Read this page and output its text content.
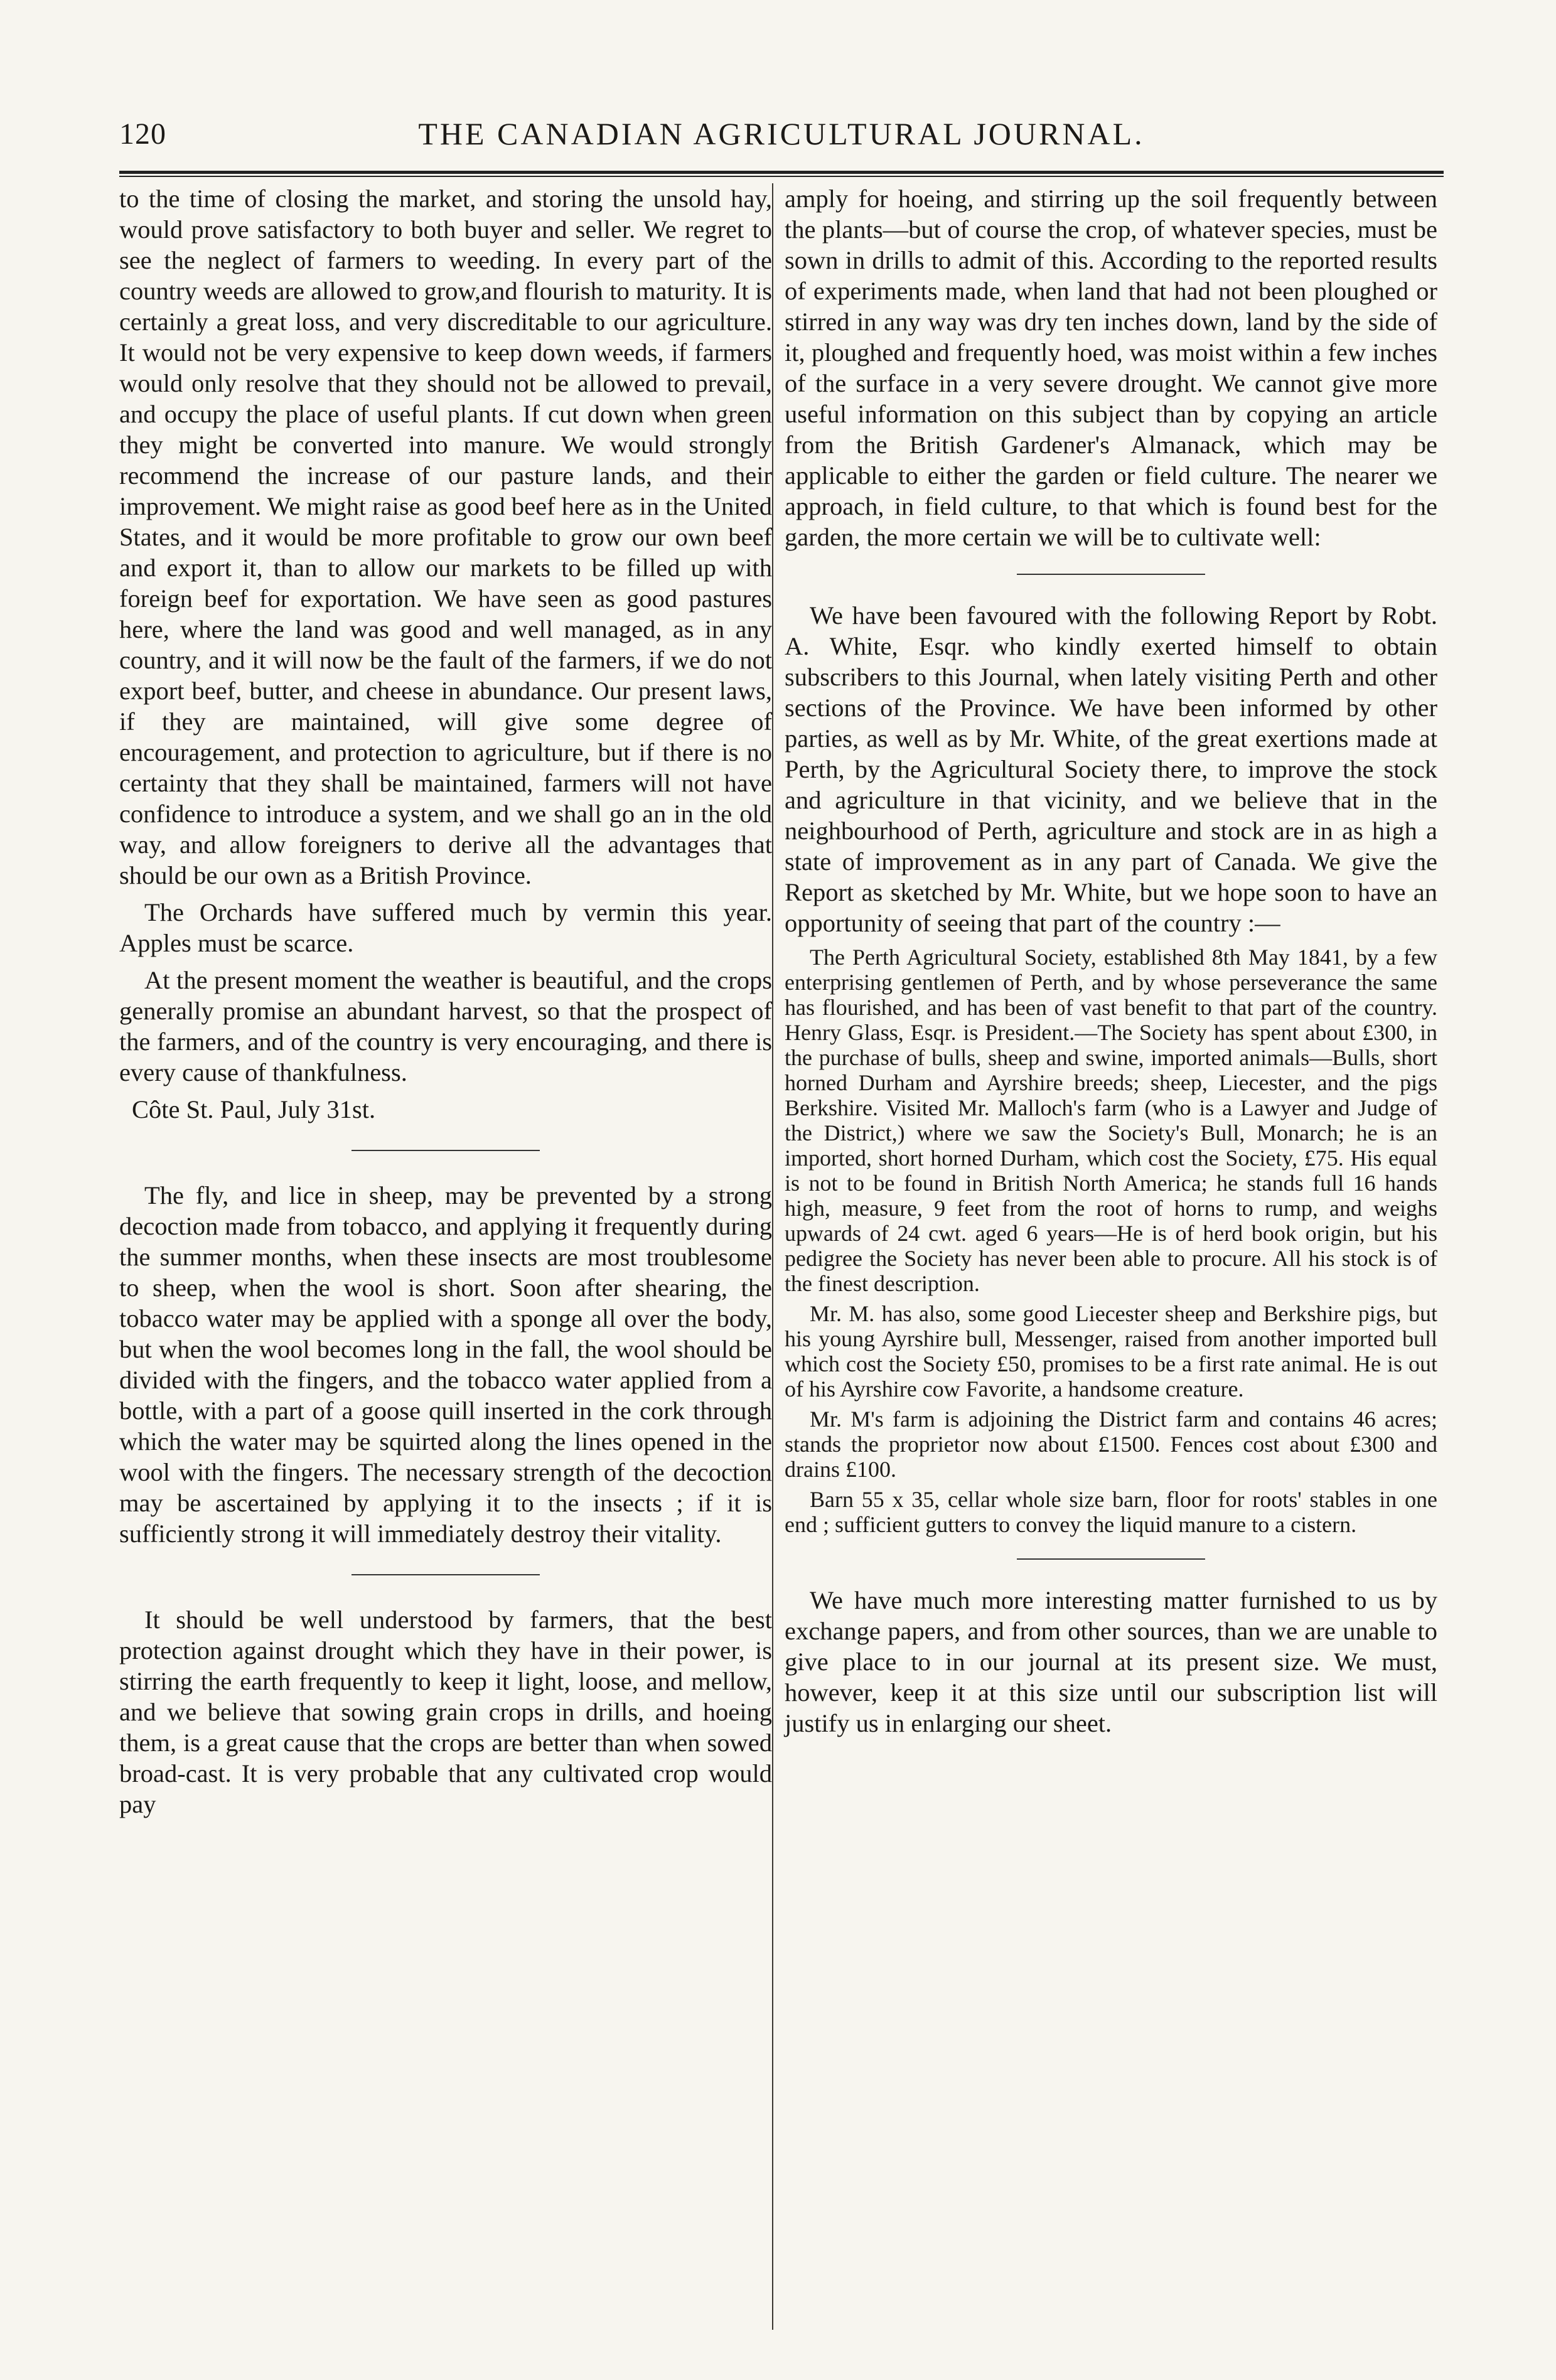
120	THE CANADIAN AGRICULTURAL JOURNAL.

to the time of closing the market, and storing the unsold hay, would prove satisfactory to both buyer and seller. We regret to see the neglect of farmers to weeding. In every part of the country weeds are allowed to grow,and flourish to maturity. It is certainly a great loss, and very discreditable to our agriculture. It would not be very expensive to keep down weeds, if farmers would only resolve that they should not be allowed to prevail, and occupy the place of useful plants. If cut down when green they might be converted into manure. We would strongly recommend the increase of our pasture lands, and their improvement. We might raise as good beef here as in the United States, and it would be more profitable to grow our own beef and export it, than to allow our markets to be filled up with foreign beef for exportation. We have seen as good pastures here, where the land was good and well managed, as in any country, and it will now be the fault of the farmers, if we do not export beef, butter, and cheese in abundance. Our present laws, if they are maintained, will give some degree of encouragement, and protection to agriculture, but if there is no certainty that they shall be maintained, farmers will not have confidence to introduce a system, and we shall go an in the old way, and allow foreigners to derive all the advantages that should be our own as a British Province.

The Orchards have suffered much by vermin this year. Apples must be scarce.

At the present moment the weather is beautiful, and the crops generally promise an abundant harvest, so that the prospect of the farmers, and of the country is very encouraging, and there is every cause of thankfulness.

Côte St. Paul, July 31st.

The fly, and lice in sheep, may be prevented by a strong decoction made from tobacco, and applying it frequently during the summer months, when these insects are most troublesome to sheep, when the wool is short. Soon after shearing, the tobacco water may be applied with a sponge all over the body, but when the wool becomes long in the fall, the wool should be divided with the fingers, and the tobacco water applied from a bottle, with a part of a goose quill inserted in the cork through which the water may be squirted along the lines opened in the wool with the fingers. The necessary strength of the decoction may be ascertained by applying it to the insects ; if it is sufficiently strong it will immediately destroy their vitality.

It should be well understood by farmers, that the best protection against drought which they have in their power, is stirring the earth frequently to keep it light, loose, and mellow, and we believe that sowing grain crops in drills, and hoeing them, is a great cause that the crops are better than when sowed broad-cast. It is very probable that any cultivated crop would pay

amply for hoeing, and stirring up the soil frequently between the plants—but of course the crop, of whatever species, must be sown in drills to admit of this. According to the reported results of experiments made, when land that had not been ploughed or stirred in any way was dry ten inches down, land by the side of it, ploughed and frequently hoed, was moist within a few inches of the surface in a very severe drought. We cannot give more useful information on this subject than by copying an article from the British Gardener's Almanack, which may be applicable to either the garden or field culture. The nearer we approach, in field culture, to that which is found best for the garden, the more certain we will be to cultivate well:

We have been favoured with the following Report by Robt. A. White, Esqr. who kindly exerted himself to obtain subscribers to this Journal, when lately visiting Perth and other sections of the Province. We have been informed by other parties, as well as by Mr. White, of the great exertions made at Perth, by the Agricultural Society there, to improve the stock and agriculture in that vicinity, and we believe that in the neighbourhood of Perth, agriculture and stock are in as high a state of improvement as in any part of Canada. We give the Report as sketched by Mr. White, but we hope soon to have an opportunity of seeing that part of the country :—

The Perth Agricultural Society, established 8th May 1841, by a few enterprising gentlemen of Perth, and by whose perseverance the same has flourished, and has been of vast benefit to that part of the country. Henry Glass, Esqr. is President.—The Society has spent about £300, in the purchase of bulls, sheep and swine, imported animals—Bulls, short horned Durham and Ayrshire breeds; sheep, Liecester, and the pigs Berkshire. Visited Mr. Malloch's farm (who is a Lawyer and Judge of the District,) where we saw the Society's Bull, Monarch; he is an imported, short horned Durham, which cost the Society, £75. His equal is not to be found in British North America; he stands full 16 hands high, measure, 9 feet from the root of horns to rump, and weighs upwards of 24 cwt. aged 6 years—He is of herd book origin, but his pedigree the Society has never been able to procure. All his stock is of the finest description.

Mr. M. has also, some good Liecester sheep and Berkshire pigs, but his young Ayrshire bull, Messenger, raised from another imported bull which cost the Society £50, promises to be a first rate animal. He is out of his Ayrshire cow Favorite, a handsome creature.

Mr. M's farm is adjoining the District farm and contains 46 acres; stands the proprietor now about £1500. Fences cost about £300 and drains £100.

Barn 55 x 35, cellar whole size barn, floor for roots' stables in one end ; sufficient gutters to convey the liquid manure to a cistern.

We have much more interesting matter furnished to us by exchange papers, and from other sources, than we are unable to give place to in our journal at its present size. We must, however, keep it at this size until our subscription list will justify us in enlarging our sheet.
